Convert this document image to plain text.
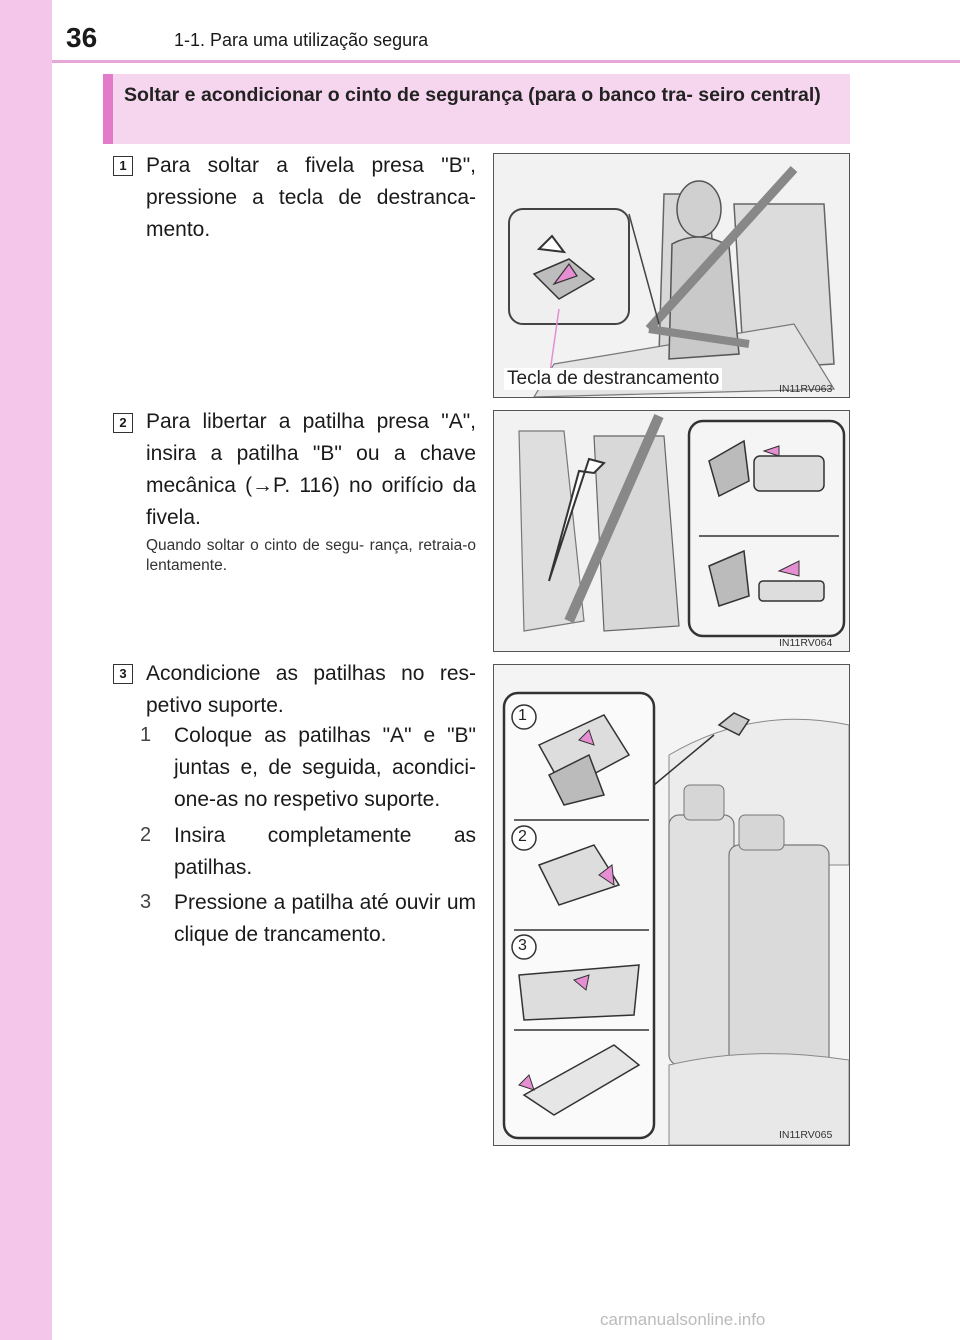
36	1-1. Para uma utilização segura
Soltar e acondicionar o cinto de segurança (para o banco tra- seiro central)
1 Para soltar a fivela presa "B", pressione a tecla de destranca- mento.
Tecla de destrancamento	IN11RV063
2 Para libertar a patilha presa "A", insira a patilha "B" ou a chave mecânica (→P. 116) no orifício da fivela.
Quando soltar o cinto de segu- rança, retraia-o lentamente.
IN11RV064
3 Acondicione as patilhas no res- petivo suporte.
1 Coloque as patilhas "A" e "B" juntas e, de seguida, acondici- one-as no respetivo suporte.
2 Insira completamente as patilhas.
3 Pressione a patilha até ouvir um clique de trancamento.
1
2
3
IN11RV065
carmanualsonline.info
